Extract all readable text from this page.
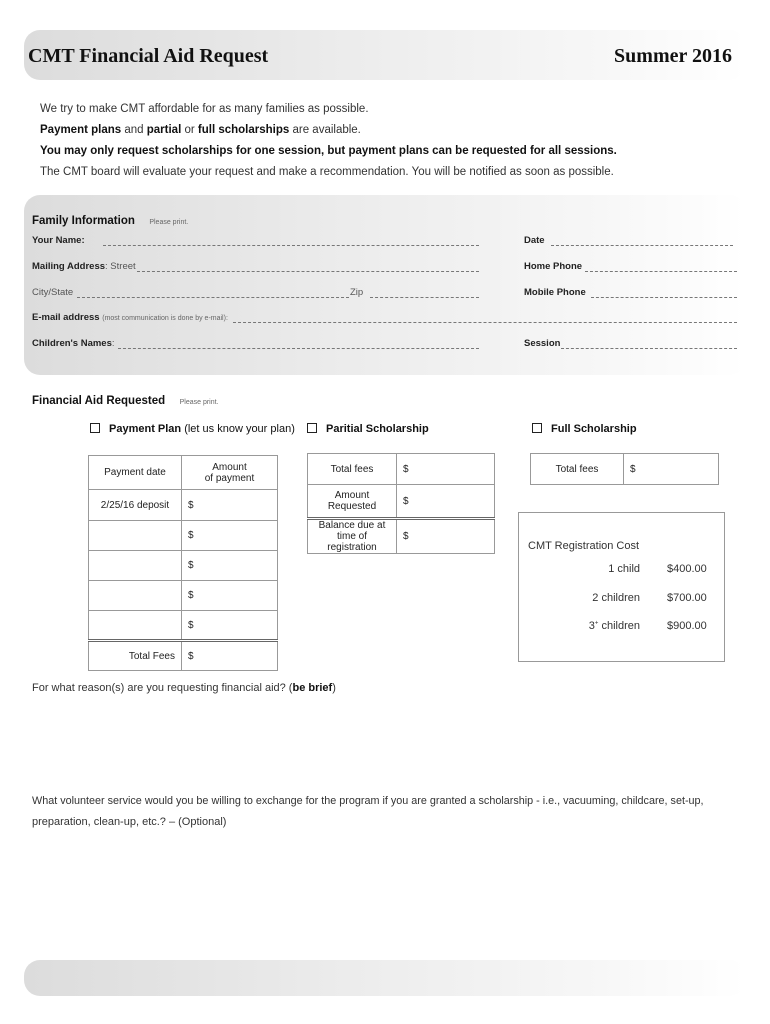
CMT Financial Aid Request	Summer 2016
We try to make CMT affordable for as many families as possible.
Payment plans and partial or full scholarships are available.
You may only request scholarships for one session, but payment plans can be requested for all sessions.
The CMT board will evaluate your request and make a recommendation. You will be notified as soon as possible.
Family Information Please print.
Your Name:	Date
Mailing Address: Street	Home Phone
City/State	Zip	Mobile Phone
E-mail address (most communication is done by e-mail):
Children's Names:	Session
Financial Aid Requested Please print.
Payment Plan (let us know your plan)	Paritial Scholarship	Full Scholarship
Payment date	Amount
of payment
2/25/16 deposit	$
	$
	$
	$
	$
Total Fees	$
Total fees	$
Amount
Requested	$
Balance due at
time of registration	$
Total fees	$
CMT Registration Cost
1 child $400.00
2 children $700.00
3+ children $900.00
For what reason(s) are you requesting financial aid? (be brief)
What volunteer service would you be willing to exchange for the program if you are granted a scholarship - i.e., vacuuming, childcare, set-up,
preparation, clean-up, etc.? – (Optional)
